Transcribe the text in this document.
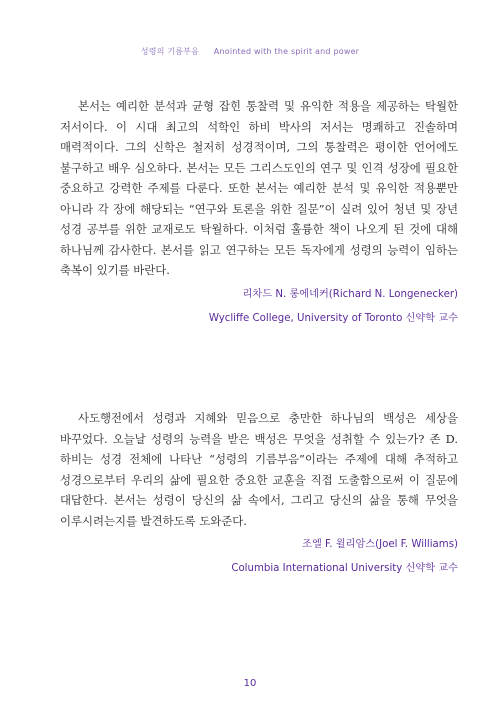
성령의 기름부음 Anointed with the spirit and power

본서는 예리한 분석과 균형 잡힌 통찰력 및 유익한 적용을 제공하는 탁월한 저서이다. 이 시대 최고의 석학인 하비 박사의 저서는 명쾌하고 진솔하며 매력적이다. 그의 신학은 철저히 성경적이며, 그의 통찰력은 평이한 언어에도 불구하고 배우 심오하다. 본서는 모든 그리스도인의 연구 및 인격 성장에 필요한 중요하고 강력한 주제를 다룬다. 또한 본서는 예리한 분석 및 유익한 적용뿐만 아니라 각 장에 해당되는 “연구와 토론을 위한 질문”이 실려 있어 청년 및 장년 성경 공부를 위한 교재로도 탁월하다. 이처럼 훌륭한 책이 나오게 된 것에 대해 하나님께 감사한다. 본서를 읽고 연구하는 모든 독자에게 성령의 능력이 임하는 축복이 있기를 바란다.

리차드 N. 롱에네커(Richard N. Longenecker)

Wycliffe College, University of Toronto 신약학 교수

사도행전에서 성령과 지혜와 믿음으로 충만한 하나님의 백성은 세상을 바꾸었다. 오늘날 성령의 능력을 받은 백성은 무엇을 성취할 수 있는가? 존 D. 하비는 성경 전체에 나타난 “성령의 기름부음”이라는 주제에 대해 추적하고 성경으로부터 우리의 삶에 필요한 중요한 교훈을 직접 도출함으로써 이 질문에 대답한다. 본서는 성령이 당신의 삶 속에서, 그리고 당신의 삶을 통해 무엇을 이루시려는지를 발견하도록 도와준다.

조엘 F. 윌리암스(Joel F. Williams)

Columbia International University 신약학 교수

10
